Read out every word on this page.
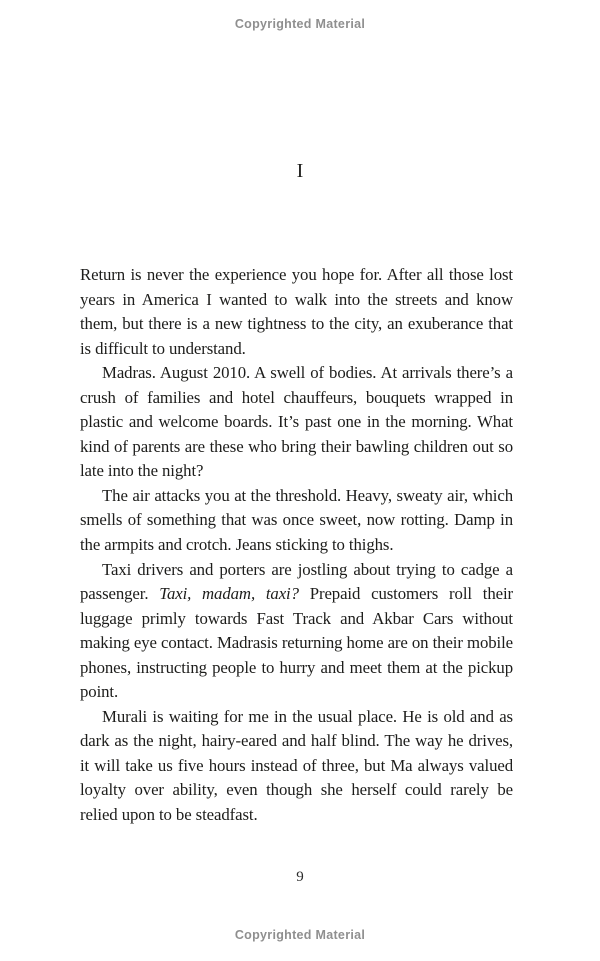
Copyrighted Material
I

Return is never the experience you hope for. After all those lost years in America I wanted to walk into the streets and know them, but there is a new tightness to the city, an exuberance that is difficult to understand.

Madras. August 2010. A swell of bodies. At arrivals there’s a crush of families and hotel chauffeurs, bouquets wrapped in plastic and welcome boards. It’s past one in the morning. What kind of parents are these who bring their bawling children out so late into the night?

The air attacks you at the threshold. Heavy, sweaty air, which smells of something that was once sweet, now rotting. Damp in the armpits and crotch. Jeans sticking to thighs.

Taxi drivers and porters are jostling about trying to cadge a passenger. Taxi, madam, taxi? Prepaid customers roll their luggage primly towards Fast Track and Akbar Cars without making eye contact. Madrasis returning home are on their mobile phones, instructing people to hurry and meet them at the pickup point.

Murali is waiting for me in the usual place. He is old and as dark as the night, hairy-eared and half blind. The way he drives, it will take us five hours instead of three, but Ma always valued loyalty over ability, even though she herself could rarely be relied upon to be steadfast.

9
Copyrighted Material
